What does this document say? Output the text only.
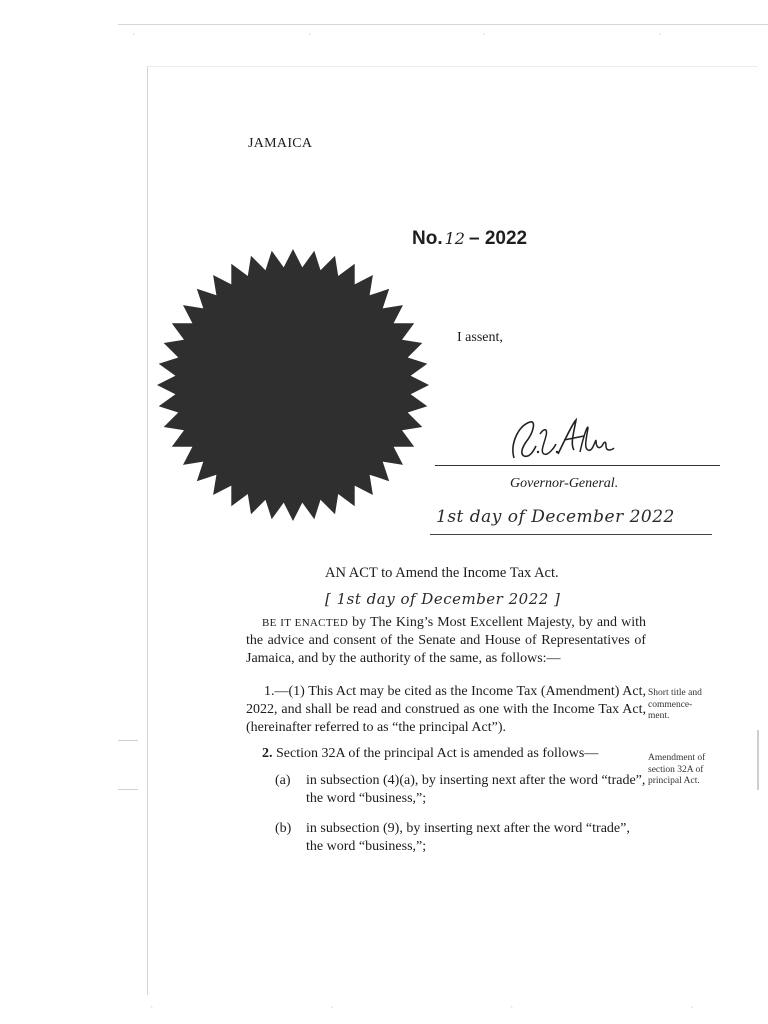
ˊ	ˊ	ˊ	ˊ
JAMAICA
No. 12 – 2022
I assent,
Governor-General.
1st day of December 2022
AN ACT to Amend the Income Tax Act.
[ 1st day of December 2022 ]
BE IT ENACTED by The King’s Most Excellent Majesty, by and with the advice and consent of the Senate and House of Representatives of Jamaica, and by the authority of the same, as follows:—
1.—(1) This Act may be cited as the Income Tax (Amendment) Act, 2022, and shall be read and construed as one with the Income Tax Act, (hereinafter referred to as “the principal Act”).
Short title and commence-ment.
2. Section 32A of the principal Act is amended as follows—	Amendment of section 32A of principal Act.
(a) in subsection (4)(a), by inserting next after the word “trade”, the word “business,”;
(b) in subsection (9), by inserting next after the word “trade”, the word “business,”;
ˋ	ˋ	ˋ	ˋ
